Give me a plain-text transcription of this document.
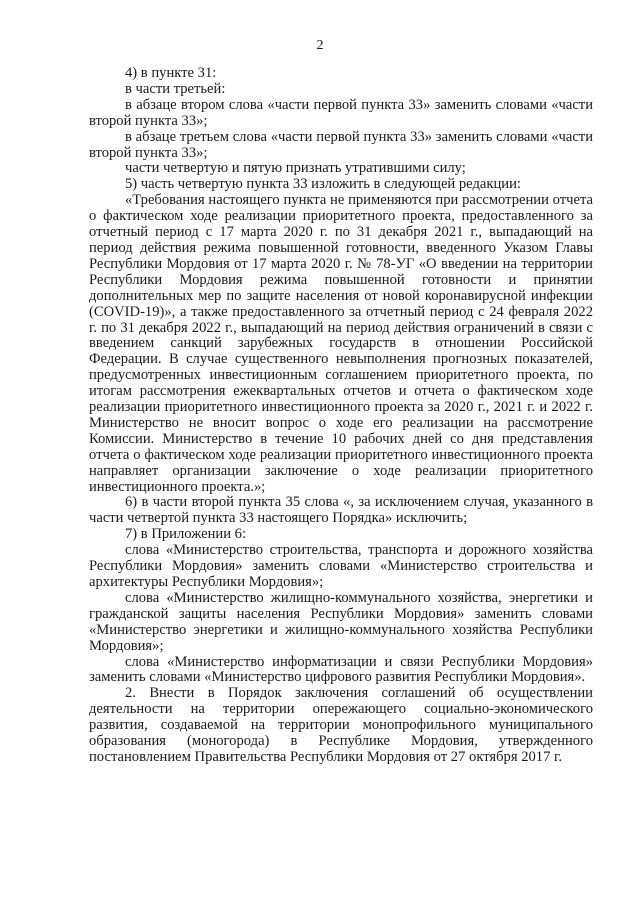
2

4) в пункте 31:

в части третьей:

в абзаце втором слова «части первой пункта 33» заменить словами «части второй пункта 33»;

в абзаце третьем слова «части первой пункта 33» заменить словами «части второй пункта 33»;

части четвертую и пятую признать утратившими силу;

5) часть четвертую пункта 33 изложить в следующей редакции:

«Требования настоящего пункта не применяются при рассмотрении отчета о фактическом ходе реализации приоритетного проекта, предоставленного за отчетный период с 17 марта 2020 г. по 31 декабря 2021 г., выпадающий на период действия режима повышенной готовности, введенного Указом Главы Республики Мордовия от 17 марта 2020 г. № 78-УГ «О введении на территории Республики Мордовия режима повышенной готовности и принятии дополнительных мер по защите населения от новой коронавирусной инфекции (COVID-19)», а также предоставленного за отчетный период с 24 февраля 2022 г. по 31 декабря 2022 г., выпадающий на период действия ограничений в связи с введением санкций зарубежных государств в отношении Российской Федерации. В случае существенного невыполнения прогнозных показателей, предусмотренных инвестиционным соглашением приоритетного проекта, по итогам рассмотрения ежеквартальных отчетов и отчета о фактическом ходе реализации приоритетного инвестиционного проекта за 2020 г., 2021 г. и 2022 г. Министерство не вносит вопрос о ходе его реализации на рассмотрение Комиссии. Министерство в течение 10 рабочих дней со дня представления отчета о фактическом ходе реализации приоритетного инвестиционного проекта направляет организации заключение о ходе реализации приоритетного инвестиционного проекта.»;

6) в части второй пункта 35 слова «, за исключением случая, указанного в части четвертой пункта 33 настоящего Порядка» исключить;

7) в Приложении 6:

слова «Министерство строительства, транспорта и дорожного хозяйства Республики Мордовия» заменить словами «Министерство строительства и архитектуры Республики Мордовия»;

слова «Министерство жилищно-коммунального хозяйства, энергетики и гражданской защиты населения Республики Мордовия» заменить словами «Министерство энергетики и жилищно-коммунального хозяйства Республики Мордовия»;

слова «Министерство информатизации и связи Республики Мордовия» заменить словами «Министерство цифрового развития Республики Мордовия».

2. Внести в Порядок заключения соглашений об осуществлении деятельности на территории опережающего социально-экономического развития, создаваемой на территории монопрофильного муниципального образования (моногорода) в Республике Мордовия, утвержденного постановлением Правительства Республики Мордовия от 27 октября 2017 г.
